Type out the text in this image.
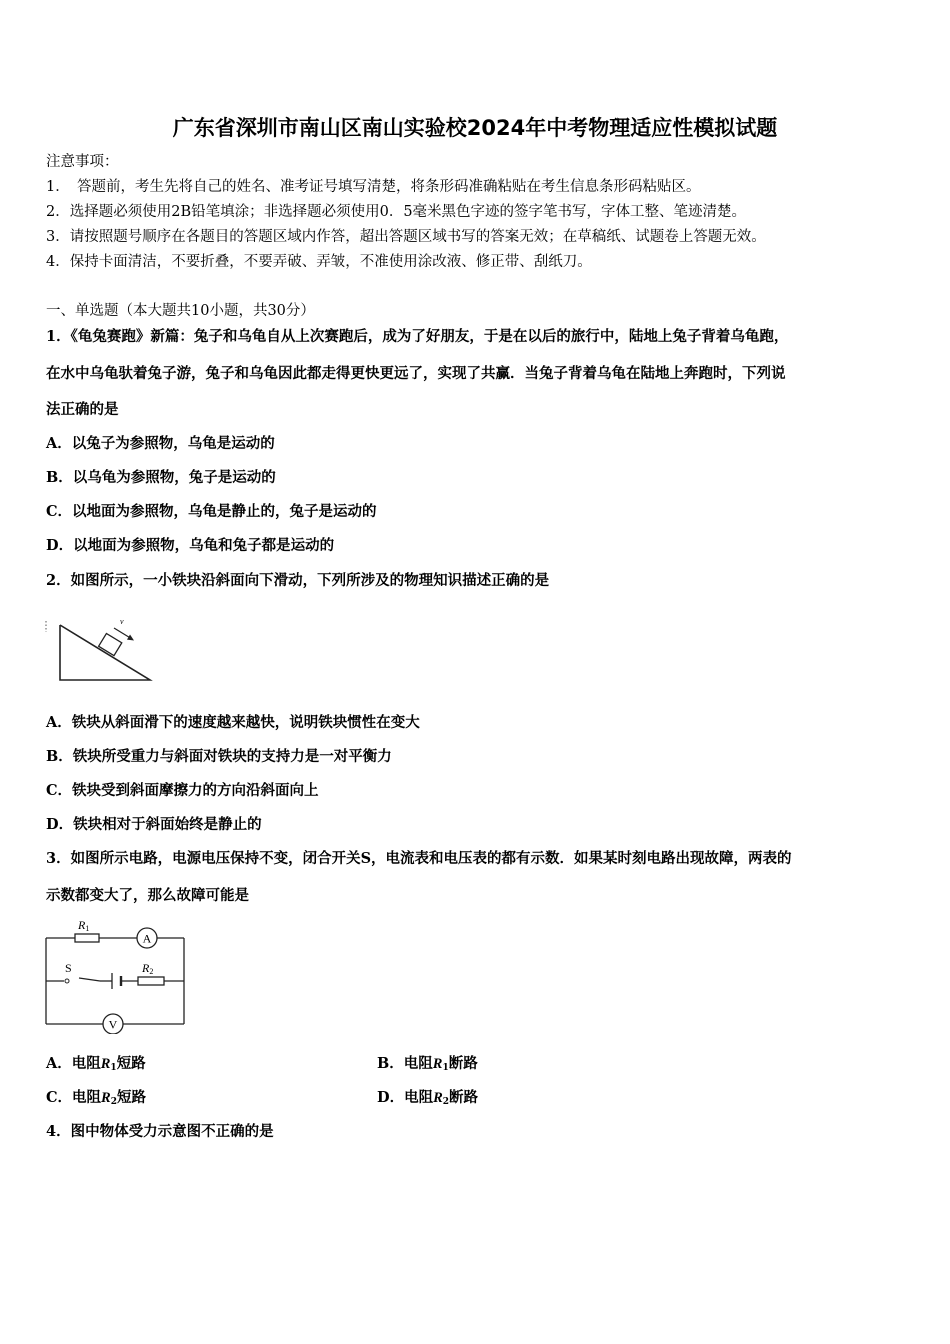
广东省深圳市南山区南山实验校2024年中考物理适应性模拟试题
注意事项：
1．　答题前，考生先将自己的姓名、准考证号填写清楚，将条形码准确粘贴在考生信息条形码粘贴区。
2．选择题必须使用2B铅笔填涂；非选择题必须使用0．5毫米黑色字迹的签字笔书写，字体工整、笔迹清楚。
3．请按照题号顺序在各题目的答题区域内作答，超出答题区域书写的答案无效；在草稿纸、试题卷上答题无效。
4．保持卡面清洁，不要折叠，不要弄破、弄皱，不准使用涂改液、修正带、刮纸刀。
一、单选题（本大题共10小题，共30分）
1．《龟兔赛跑》新篇：兔子和乌龟自从上次赛跑后，成为了好朋友，于是在以后的旅行中，陆地上兔子背着乌龟跑，
在水中乌龟驮着兔子游，兔子和乌龟因此都走得更快更远了，实现了共赢．当兔子背着乌龟在陆地上奔跑时，下列说
法正确的是
A．以兔子为参照物，乌龟是运动的
B．以乌龟为参照物，兔子是运动的
C．以地面为参照物，乌龟是静止的，兔子是运动的
D．以地面为参照物，乌龟和兔子都是运动的
2．如图所示，一小铁块沿斜面向下滑动，下列所涉及的物理知识描述正确的是
v
A．铁块从斜面滑下的速度越来越快，说明铁块惯性在变大
B．铁块所受重力与斜面对铁块的支持力是一对平衡力
C．铁块受到斜面摩擦力的方向沿斜面向上
D．铁块相对于斜面始终是静止的
3．如图所示电路，电源电压保持不变，闭合开关S，电流表和电压表的都有示数．如果某时刻电路出现故障，两表的
示数都变大了，那么故障可能是
R1
A
S	R2
V
A．电阻$R_1$短路	B．电阻$R_1$断路
C．电阻$R_2$短路	D．电阻$R_2$断路
4．图中物体受力示意图不正确的是
